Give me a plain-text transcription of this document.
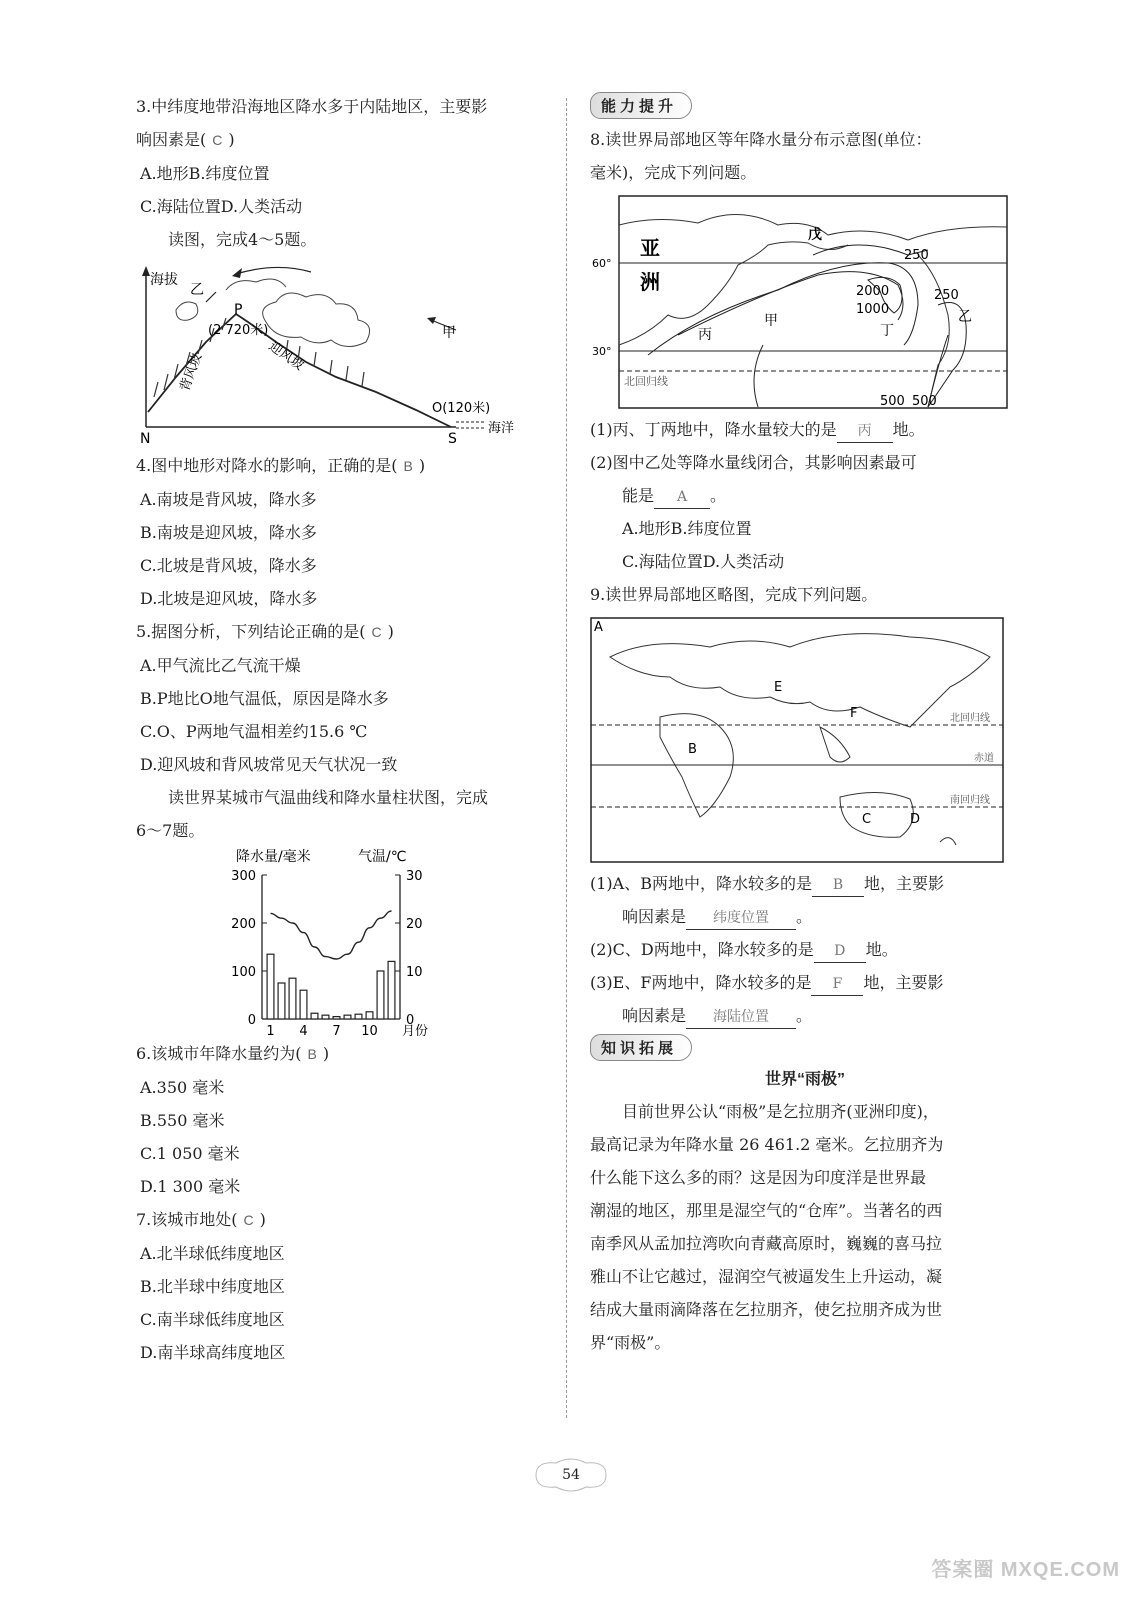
3.中纬度地带沿海地区降水多于内陆地区，主要影

响因素是( C )

A.地形B.纬度位置

C.海陆位置D.人类活动

读图，完成4～5题。

海拔
乙
甲
P
(2 720米)
背风坡	迎风坡
O(120米)
N	S
海洋

4.图中地形对降水的影响，正确的是( B )

A.南坡是背风坡，降水多

B.南坡是迎风坡，降水多

C.北坡是背风坡，降水多

D.北坡是迎风坡，降水多

5.据图分析，下列结论正确的是( C )

A.甲气流比乙气流干燥

B.P地比O地气温低，原因是降水多

C.O、P两地气温相差约15.6 ℃

D.迎风坡和背风坡常见天气状况一致

读世界某城市气温曲线和降水量柱状图，完成

6～7题。

降水量/毫米	气温/℃
300
200
100
0
30
20
10
0
1 4 7 10 月份

6.该城市年降水量约为( B )

A.350 毫米

B.550 毫米

C.1 050 毫米

D.1 300 毫米

7.该城市地处( C )

A.北半球低纬度地区

B.北半球中纬度地区

C.南半球低纬度地区

D.南半球高纬度地区

能力提升

8.读世界局部地区等年降水量分布示意图(单位：

毫米)，完成下列问题。

亚
洲
60°
30°
北回归线
250
2000
1000
250
500 500
甲
丙	丁
乙
戊

(1)丙、丁两地中，降水量较大的是 丙 地。

(2)图中乙处等降水量线闭合，其影响因素最可

能是 A 。

A.地形B.纬度位置

C.海陆位置D.人类活动

9.读世界局部地区略图，完成下列问题。

A
B
C	D
E
F	北回归线
赤道
南回归线

(1)A、B两地中，降水较多的是 B 地，主要影

响因素是 纬度位置 。

(2)C、D两地中，降水较多的是 D 地。

(3)E、F两地中，降水较多的是 F 地，主要影

响因素是 海陆位置 。

知识拓展
世界“雨极”

目前世界公认“雨极”是乞拉朋齐(亚洲印度)，

最高记录为年降水量 26 461.2 毫米。乞拉朋齐为

什么能下这么多的雨？这是因为印度洋是世界最

潮湿的地区，那里是湿空气的“仓库”。当著名的西

南季风从孟加拉湾吹向青藏高原时，巍巍的喜马拉

雅山不让它越过，湿润空气被逼发生上升运动，凝

结成大量雨滴降落在乞拉朋齐，使乞拉朋齐成为世

界“雨极”。

54
答案圈 MXQE.COM
